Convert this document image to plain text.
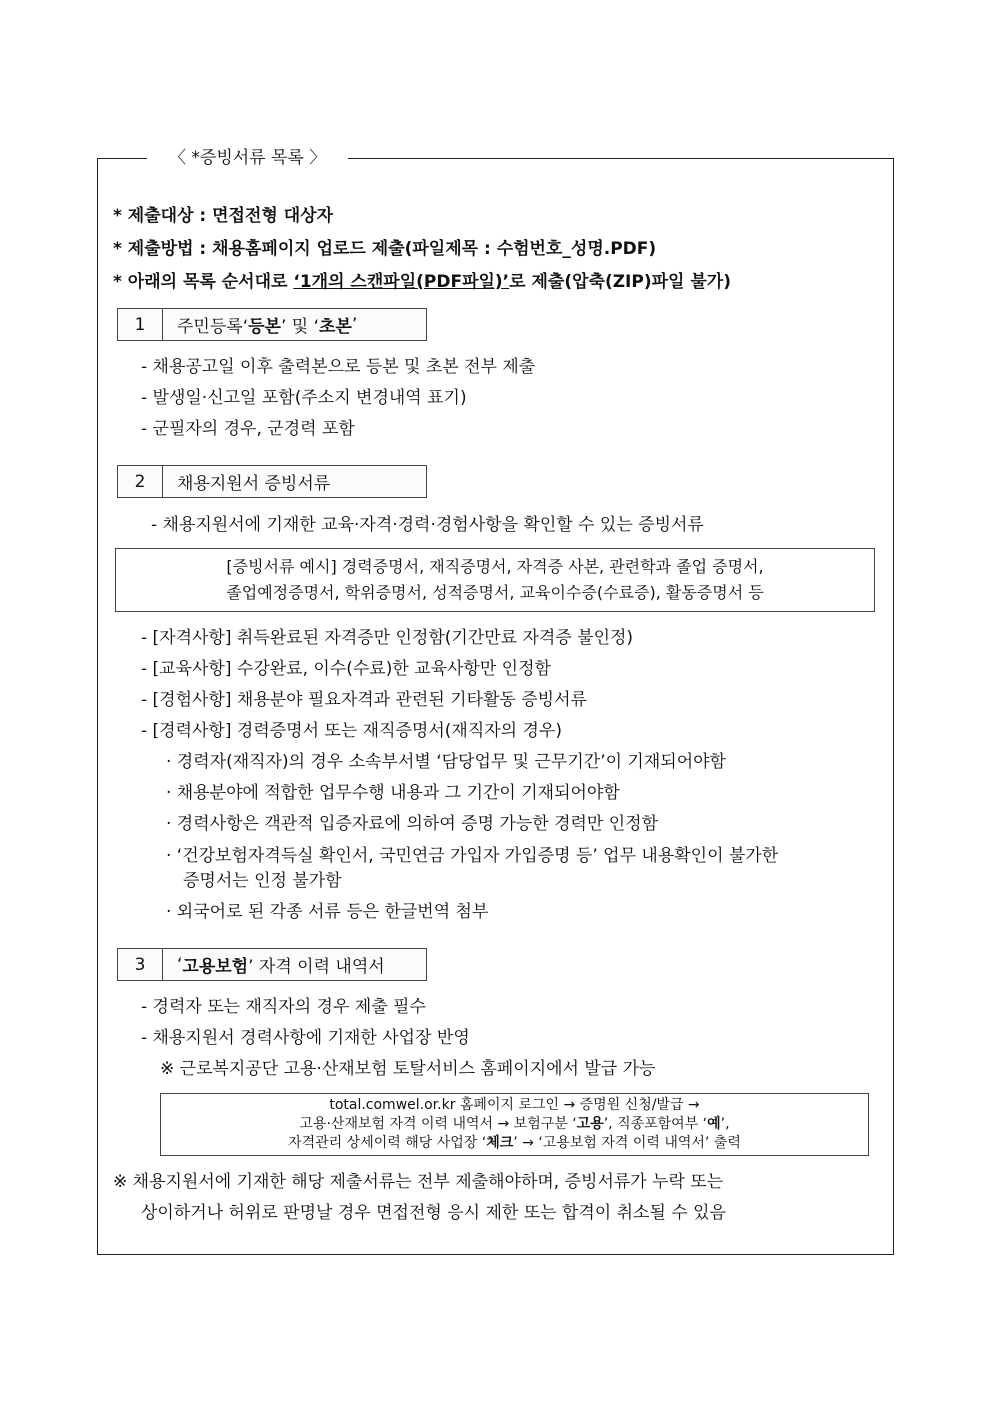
〈 *증빙서류 목록 〉
* 제출대상 : 면접전형 대상자
* 제출방법 : 채용홈페이지 업로드 제출(파일제목 : 수험번호_성명.PDF)
* 아래의 목록 순서대로 ‘1개의 스캔파일(PDF파일)’로 제출(압축(ZIP)파일 불가)
1	주민등록‘ 등본 ’ 및 ‘ 초본 ’
- 채용공고일 이후 출력본으로 등본 및 초본 전부 제출
- 발생일·신고일 포함(주소지 변경내역 표기)
- 군필자의 경우, 군경력 포함
2	채용지원서 증빙서류
- 채용지원서에 기재한 교육·자격·경력·경험사항을 확인할 수 있는 증빙서류
[증빙서류 예시] 경력증명서, 재직증명서, 자격증 사본, 관련학과 졸업 증명서,
졸업예정증명서, 학위증명서, 성적증명서, 교육이수증(수료증), 활동증명서 등
- [자격사항] 취득완료된 자격증만 인정함(기간만료 자격증 불인정)
- [교육사항] 수강완료, 이수(수료)한 교육사항만 인정함
- [경험사항] 채용분야 필요자격과 관련된 기타활동 증빙서류
- [경력사항] 경력증명서 또는 재직증명서(재직자의 경우)
· 경력자(재직자)의 경우 소속부서별 ‘담당업무 및 근무기간’이 기재되어야함
· 채용분야에 적합한 업무수행 내용과 그 기간이 기재되어야함
· 경력사항은 객관적 입증자료에 의하여 증명 가능한 경력만 인정함
· ‘건강보험자격득실 확인서, 국민연금 가입자 가입증명 등’ 업무 내용확인이 불가한
증명서는 인정 불가함
· 외국어로 된 각종 서류 등은 한글번역 첨부
3	‘ 고용보험 ’ 자격 이력 내역서
- 경력자 또는 재직자의 경우 제출 필수
- 채용지원서 경력사항에 기재한 사업장 반영
※ 근로복지공단 고용·산재보험 토탈서비스 홈페이지에서 발급 가능
total.comwel.or.kr 홈페이지 로그인 → 증명원 신청/발급 →
고용·산재보험 자격 이력 내역서 → 보험구분 ‘고용’, 직종포함여부 ‘예’,
자격관리 상세이력 해당 사업장 ‘체크’ → ‘고용보험 자격 이력 내역서’ 출력
※ 채용지원서에 기재한 해당 제출서류는 전부 제출해야하며, 증빙서류가 누락 또는
상이하거나 허위로 판명날 경우 면접전형 응시 제한 또는 합격이 취소될 수 있음
